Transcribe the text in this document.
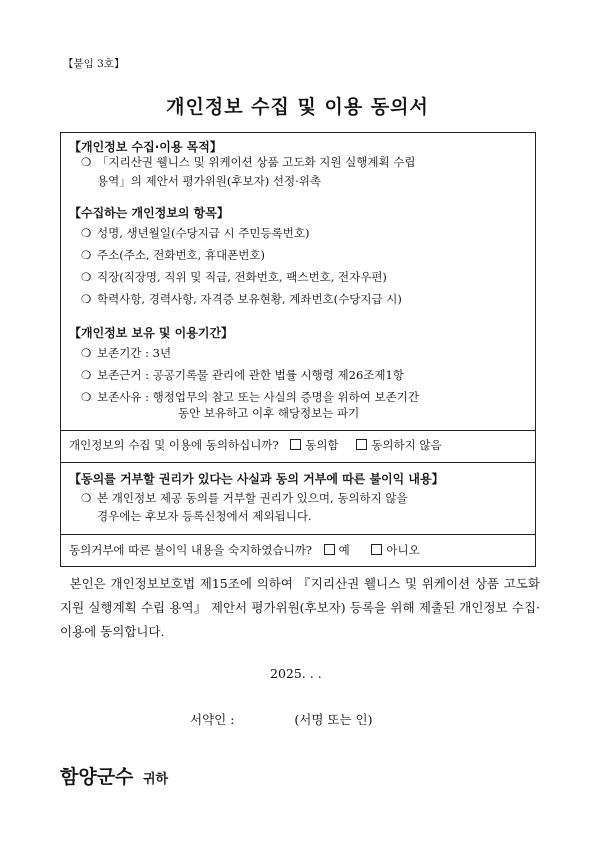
【붙임 3호】
개인정보 수집 및 이용 동의서
【개인정보 수집·이용 목적】
❍ 「지리산권 웰니스 및 위케이션 상품 고도화 지원 실행계획 수립
용역」의 제안서 평가위원(후보자) 선정·위촉
【수집하는 개인정보의 항목】
❍ 성명, 생년월일(수당지급 시 주민등록번호)
❍ 주소(주소, 전화번호, 휴대폰번호)
❍ 직장(직장명, 직위 및 직급, 전화번호, 팩스번호, 전자우편)
❍ 학력사항, 경력사항, 자격증 보유현황, 계좌번호(수당지급 시)
【개인정보 보유 및 이용기간】
❍ 보존기간 : 3년
❍ 보존근거 : 공공기록물 관리에 관한 법률 시행령 제26조제1항
❍ 보존사유 : 행정업무의 참고 또는 사실의 증명을 위하여 보존기간
동안 보유하고 이후 해당정보는 파기
개인정보의 수집 및 이용에 동의하십니까? 동의함	동의하지 않음
【동의를 거부할 권리가 있다는 사실과 동의 거부에 따른 불이익 내용】
❍ 본 개인정보 제공 동의를 거부할 권리가 있으며, 동의하지 않을
경우에는 후보자 등록신청에서 제외됩니다.
동의거부에 따른 불이익 내용을 숙지하였습니까? 예	아니오
본인은 개인정보보호법 제15조에 의하여 『지리산권 웰니스 및 위케이션 상품 고도화 지원 실행계획 수립 용역』 제안서 평가위원(후보자) 등록을 위해 제출된 개인정보 수집·이용에 동의합니다.
2025. . .
서약인 :	(서명 또는 인)
함양군수 귀하
